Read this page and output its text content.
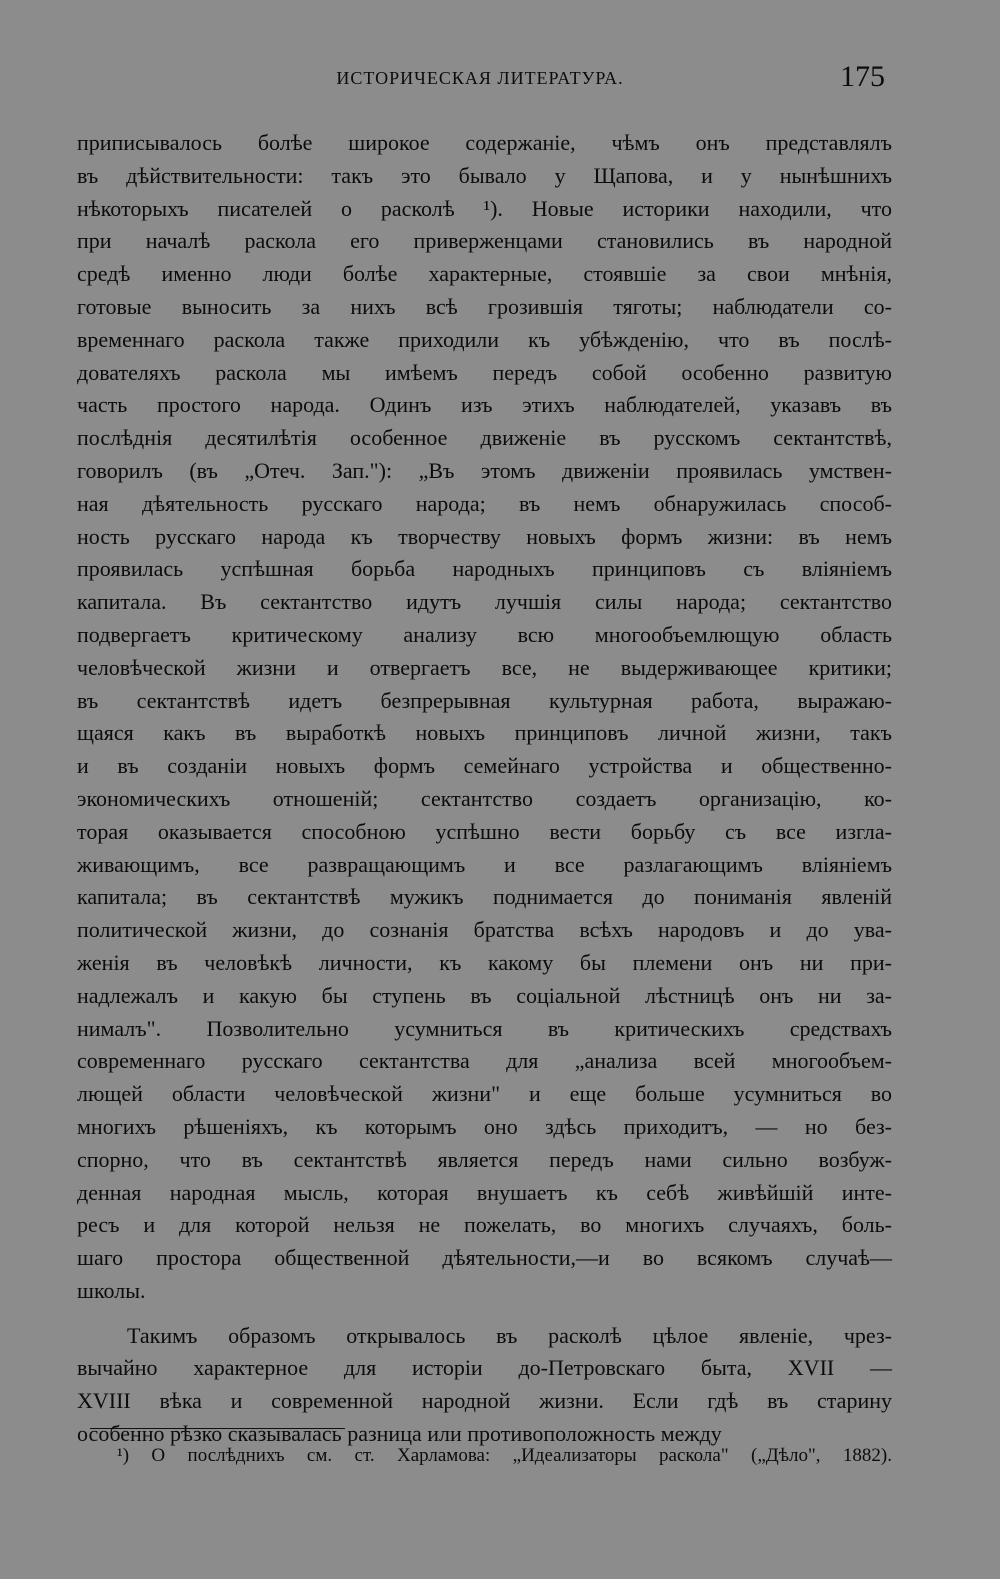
ИСТОРИЧЕСКАЯ ЛИТЕРАТУРА.	175
приписывалось болѣе широкое содержаніе, чѣмъ онъ представлялъ
въ дѣйствительности: такъ это бывало у Щапова, и у нынѣшнихъ
нѣкоторыхъ писателей о расколѣ ¹). Новые историки находили, что
при началѣ раскола его приверженцами становились въ народной
средѣ именно люди болѣе характерные, стоявшіе за свои мнѣнія,
готовые выносить за нихъ всѣ грозившія тяготы; наблюдатели со-
временнаго раскола также приходили къ убѣжденію, что въ послѣ-
дователяхъ раскола мы имѣемъ передъ собой особенно развитую
часть простого народа. Одинъ изъ этихъ наблюдателей, указавъ въ
послѣднія десятилѣтія особенное движеніе въ русскомъ сектантствѣ,
говорилъ (въ „Отеч. Зап."): „Въ этомъ движеніи проявилась умствен-
ная дѣятельность русскаго народа; въ немъ обнаружилась способ-
ность русскаго народа къ творчеству новыхъ формъ жизни: въ немъ
проявилась успѣшная борьба народныхъ принциповъ съ вліяніемъ
капитала. Въ сектантство идутъ лучшія силы народа; сектантство
подвергаетъ критическому анализу всю многообъемлющую область
человѣческой жизни и отвергаетъ все, не выдерживающее критики;
въ сектантствѣ идетъ безпрерывная культурная работа, выражаю-
щаяся какъ въ выработкѣ новыхъ принциповъ личной жизни, такъ
и въ созданіи новыхъ формъ семейнаго устройства и общественно-
экономическихъ отношеній; сектантство создаетъ организацію, ко-
торая оказывается способною успѣшно вести борьбу съ все изгла-
живающимъ, все развращающимъ и все разлагающимъ вліяніемъ
капитала; въ сектантствѣ мужикъ поднимается до пониманія явленій
политической жизни, до сознанія братства всѣхъ народовъ и до ува-
женія въ человѣкѣ личности, къ какому бы племени онъ ни при-
надлежалъ и какую бы ступень въ соціальной лѣстницѣ онъ ни за-
нималъ". Позволительно усумниться въ критическихъ средствахъ
современнаго русскаго сектантства для „анализа всей многообъем-
лющей области человѣческой жизни" и еще больше усумниться во
многихъ рѣшеніяхъ, къ которымъ оно здѣсь приходитъ, — но без-
спорно, что въ сектантствѣ является передъ нами сильно возбуж-
денная народная мысль, которая внушаетъ къ себѣ живѣйшій инте-
ресъ и для которой нельзя не пожелать, во многихъ случаяхъ, боль-
шаго простора общественной дѣятельности,—и во всякомъ случаѣ—
школы.
Такимъ образомъ открывалось въ расколѣ цѣлое явленіе, чрез-
вычайно характерное для исторіи до-Петровскаго быта, XVII —
XVIII вѣка и современной народной жизни. Если гдѣ въ старину
особенно рѣзко сказывалась разница или противоположность между
¹) О послѣднихъ см. ст. Харламова: „Идеализаторы раскола" („Дѣло", 1882).
